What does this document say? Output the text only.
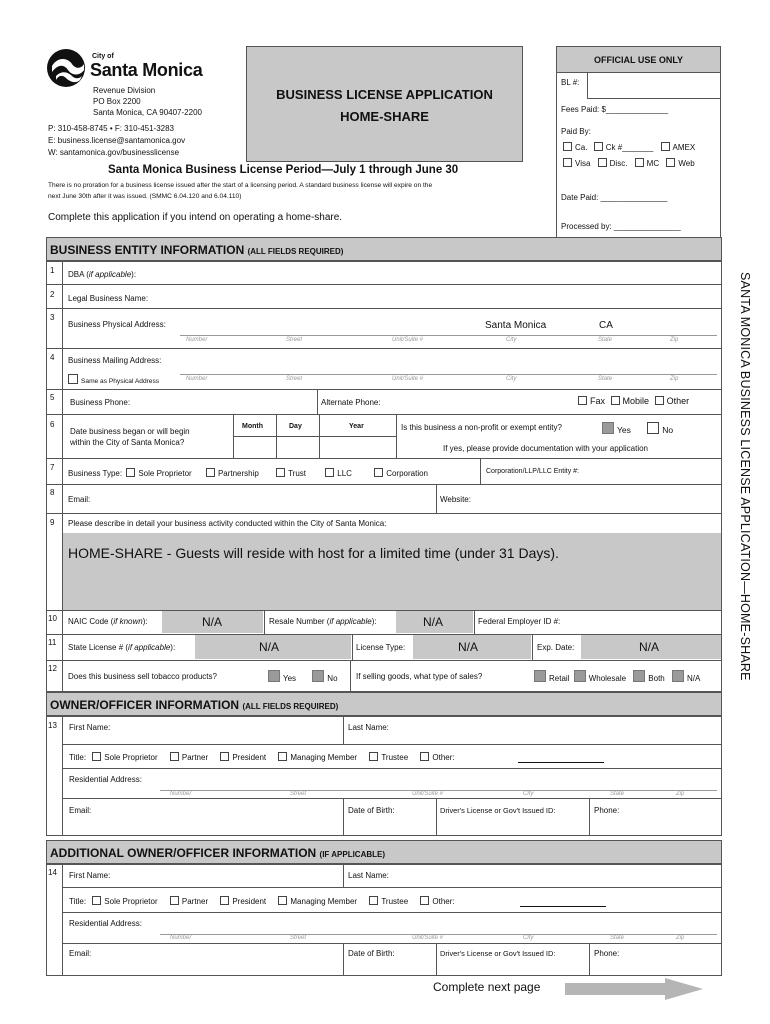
City of
Santa Monica
Revenue Division
PO Box 2200
Santa Monica, CA 90407-2200
P: 310-458-8745 • F: 310-451-3283
E: business.license@santamonica.gov
W: santamonica.gov/businesslicense
BUSINESS LICENSE APPLICATION
HOME-SHARE
Santa Monica Business License Period—July 1 through June 30
There is no proration for a business license issued after the start of a licensing period. A standard business license will expire on the
next June 30th after it was issued. (SMMC 6.04.120 and 6.04.110)
Complete this application if you intend on operating a home-share.
OFFICIAL USE ONLY
BL #:
Fees Paid: $______________
Paid By:
Ca. Ck #_______ AMEX
Visa Disc. MC Web
Date Paid: _______________
Processed by: _______________
SANTA MONICA BUSINESS LICENSE APPLICATION—HOME-SHARE
BUSINESS ENTITY INFORMATION (ALL FIELDS REQUIRED)
1 DBA (if applicable):
2 Legal Business Name:
3
Business Physical Address:	Santa Monica	CA
Number	Street	Unit/Suite #	City	State	Zip
4 Business Mailing Address:
Same as Physical Address	Number	Street	Unit/Suite #	City	State	Zip
5
Business Phone:	Alternate Phone:	Fax Mobile Other
6
Date business began or will begin
within the City of Santa Monica?
Month	Day	Year	Is this business a non-profit or exempt entity?	Yes	No
If yes, please provide documentation with your application
7
Business Type: Sole Proprietor	Partnership	Trust	LLC	Corporation	Corporation/LLP/LLC Entity #:
8
Email:	Website:
9 Please describe in detail your business activity conducted within the City of Santa Monica:
HOME-SHARE - Guests will reside with host for a limited time (under 31 Days).
10 NAIC Code (if known):	N/A	Resale Number (if applicable):	N/A	Federal Employer ID #:
11
State License # (if applicable):	N/A	License Type:	N/A	Exp. Date:	N/A
12
Does this business sell tobacco products?	Yes	No If selling goods, what type of sales?	Retail Wholesale	Both	N/A
OWNER/OFFICER INFORMATION (ALL FIELDS REQUIRED)
13 First Name:	Last Name:
Title: Sole Proprietor	Partner	President	Managing Member	Trustee	Other:
Residential Address:
Number	Street	Unit/Suite #	City	State	Zip
Email:	Date of Birth:	Driver's License or Gov't Issued ID:	Phone:
ADDITIONAL OWNER/OFFICER INFORMATION (IF APPLICABLE)
14 First Name:	Last Name:
Title: Sole Proprietor	Partner	President	Managing Member	Trustee	Other:
Residential Address:
Number	Street	Unit/Suite #	City	State	Zip
Email:	Date of Birth:	Driver's License or Gov't Issued ID:	Phone:
Complete next page
